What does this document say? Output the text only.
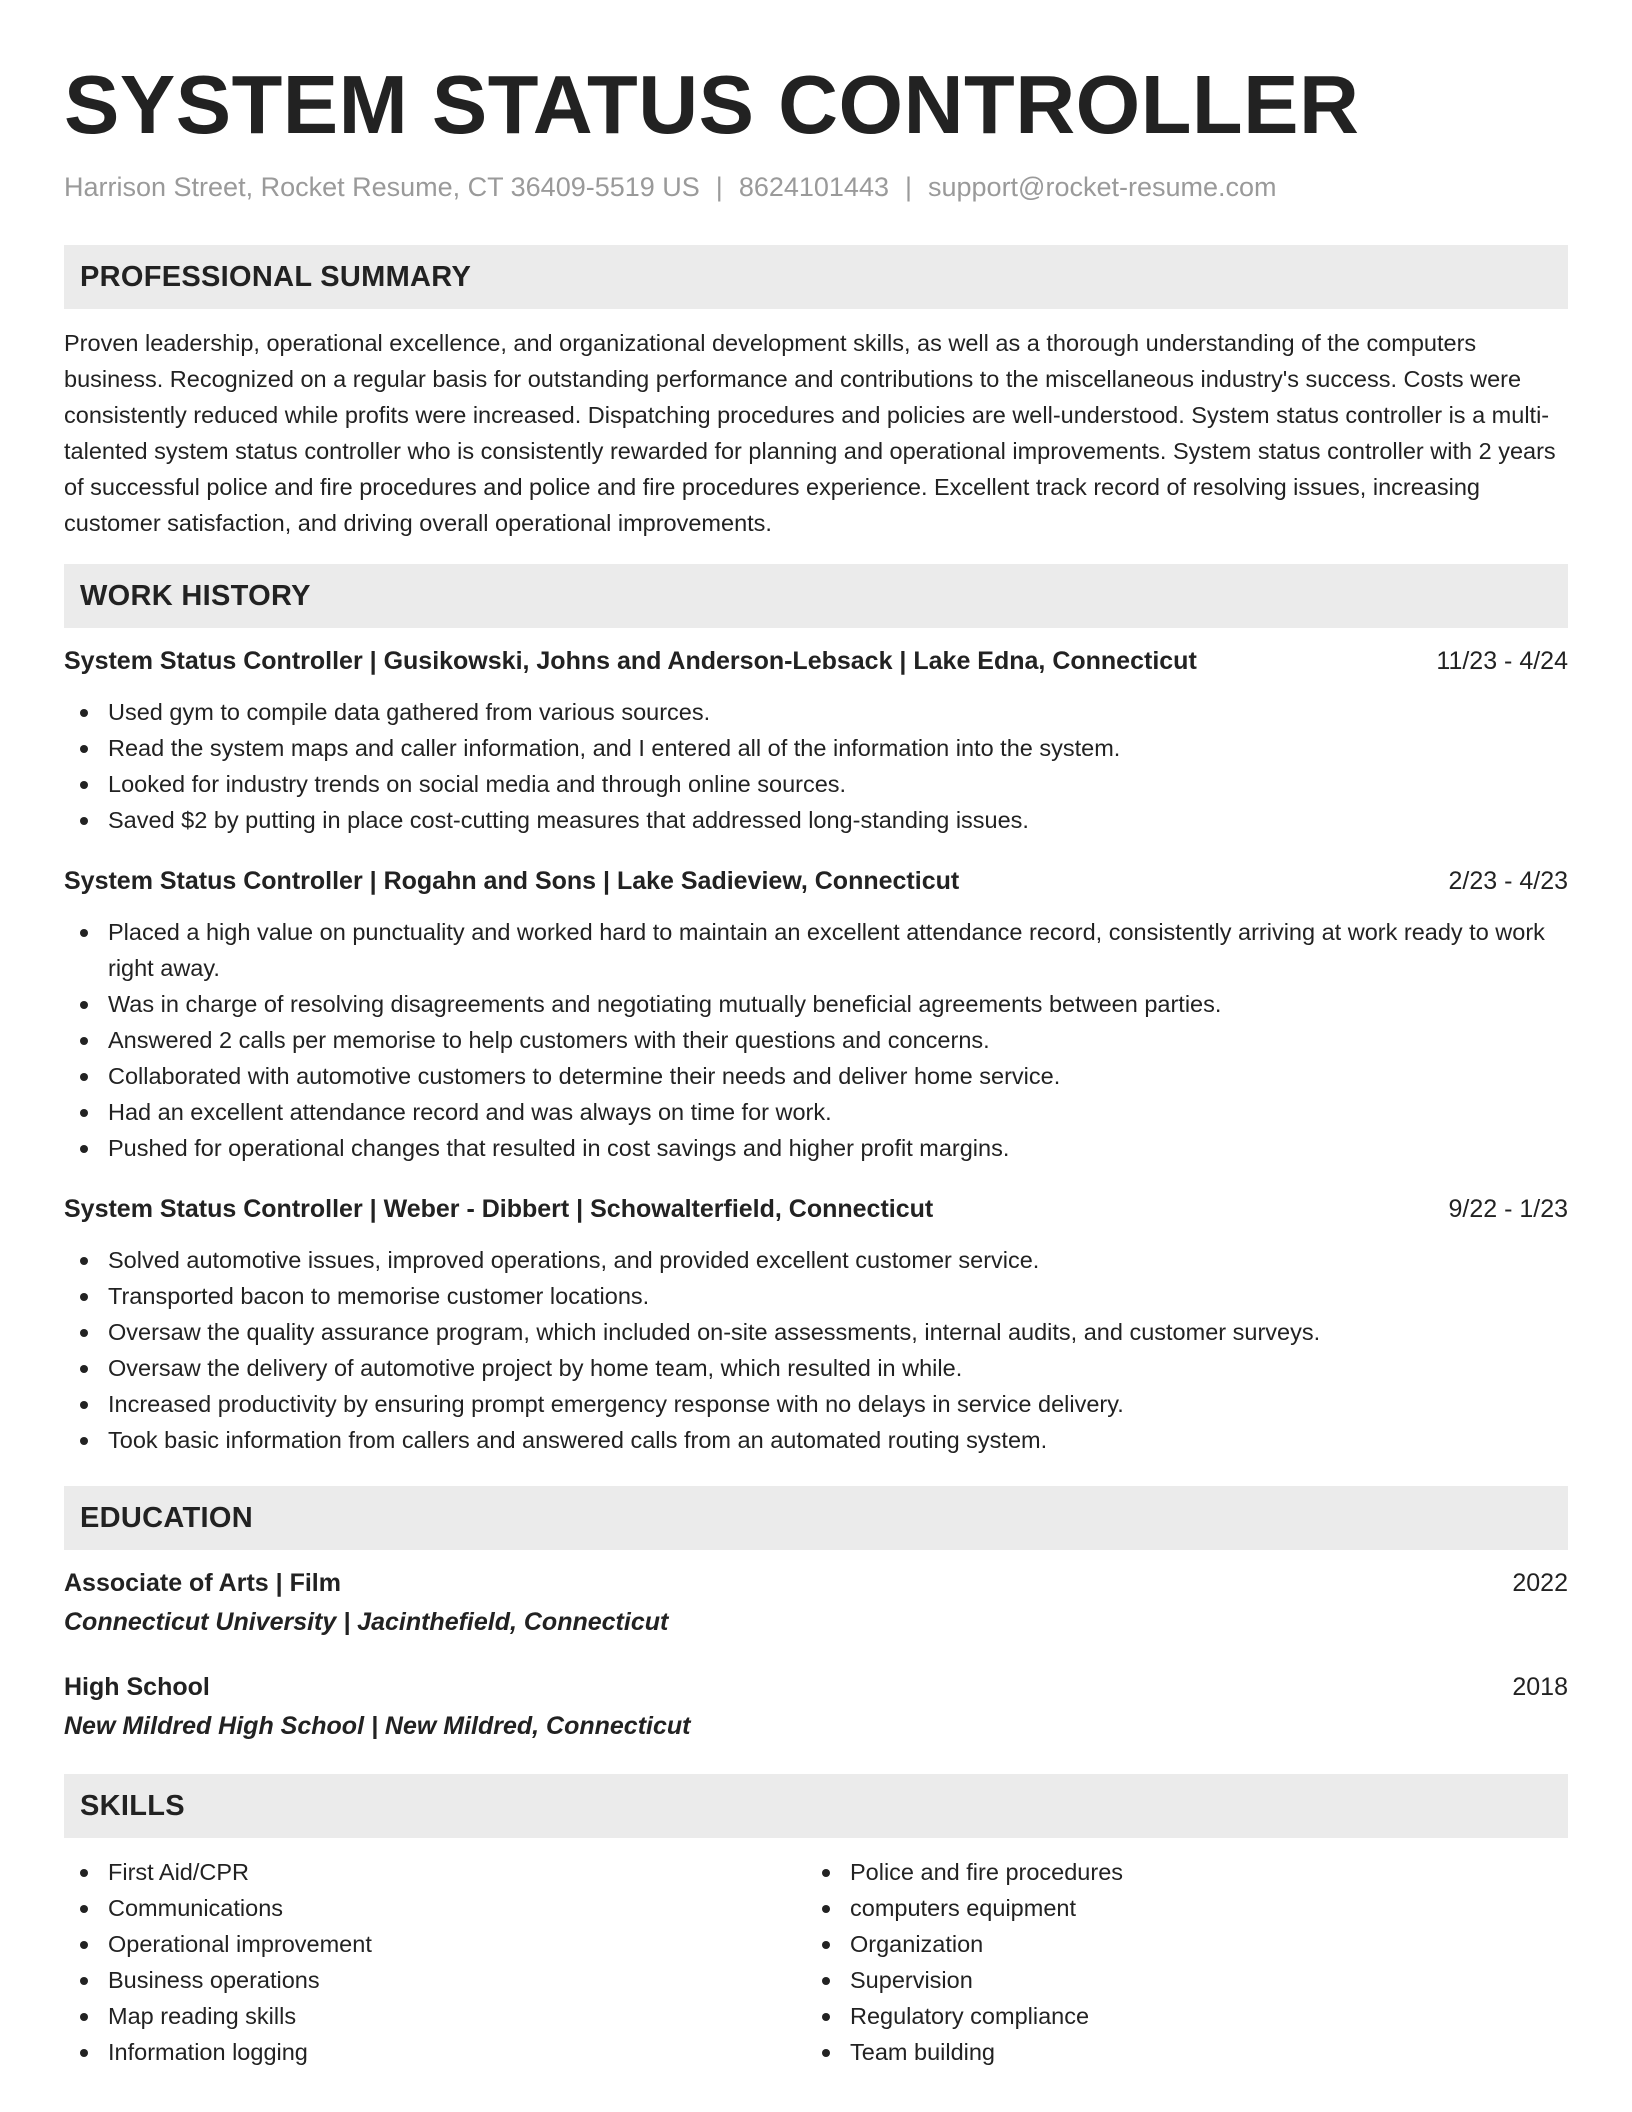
SYSTEM STATUS CONTROLLER
Harrison Street, Rocket Resume, CT 36409-5519 US | 8624101443 | support@rocket-resume.com
PROFESSIONAL SUMMARY

Proven leadership, operational excellence, and organizational development skills, as well as a thorough understanding of the computers business. Recognized on a regular basis for outstanding performance and contributions to the miscellaneous industry's success. Costs were consistently reduced while profits were increased. Dispatching procedures and policies are well-understood. System status controller is a multi-talented system status controller who is consistently rewarded for planning and operational improvements. System status controller with 2 years of successful police and fire procedures and police and fire procedures experience. Excellent track record of resolving issues, increasing customer satisfaction, and driving overall operational improvements.

WORK HISTORY
System Status Controller | Gusikowski, Johns and Anderson-Lebsack | Lake Edna, Connecticut	11/23 - 4/24
Used gym to compile data gathered from various sources.
Read the system maps and caller information, and I entered all of the information into the system.
Looked for industry trends on social media and through online sources.
Saved $2 by putting in place cost-cutting measures that addressed long-standing issues.
System Status Controller | Rogahn and Sons | Lake Sadieview, Connecticut	2/23 - 4/23
Placed a high value on punctuality and worked hard to maintain an excellent attendance record, consistently arriving at work ready to work right away.
Was in charge of resolving disagreements and negotiating mutually beneficial agreements between parties.
Answered 2 calls per memorise to help customers with their questions and concerns.
Collaborated with automotive customers to determine their needs and deliver home service.
Had an excellent attendance record and was always on time for work.
Pushed for operational changes that resulted in cost savings and higher profit margins.
System Status Controller | Weber - Dibbert | Schowalterfield, Connecticut	9/22 - 1/23
Solved automotive issues, improved operations, and provided excellent customer service.
Transported bacon to memorise customer locations.
Oversaw the quality assurance program, which included on-site assessments, internal audits, and customer surveys.
Oversaw the delivery of automotive project by home team, which resulted in while.
Increased productivity by ensuring prompt emergency response with no delays in service delivery.
Took basic information from callers and answered calls from an automated routing system.
EDUCATION
Associate of Arts | Film	2022
Connecticut University | Jacinthefield, Connecticut
High School	2018
New Mildred High School | New Mildred, Connecticut
SKILLS
First Aid/CPR
Communications
Operational improvement
Business operations
Map reading skills
Information logging
Police and fire procedures
computers equipment
Organization
Supervision
Regulatory compliance
Team building
